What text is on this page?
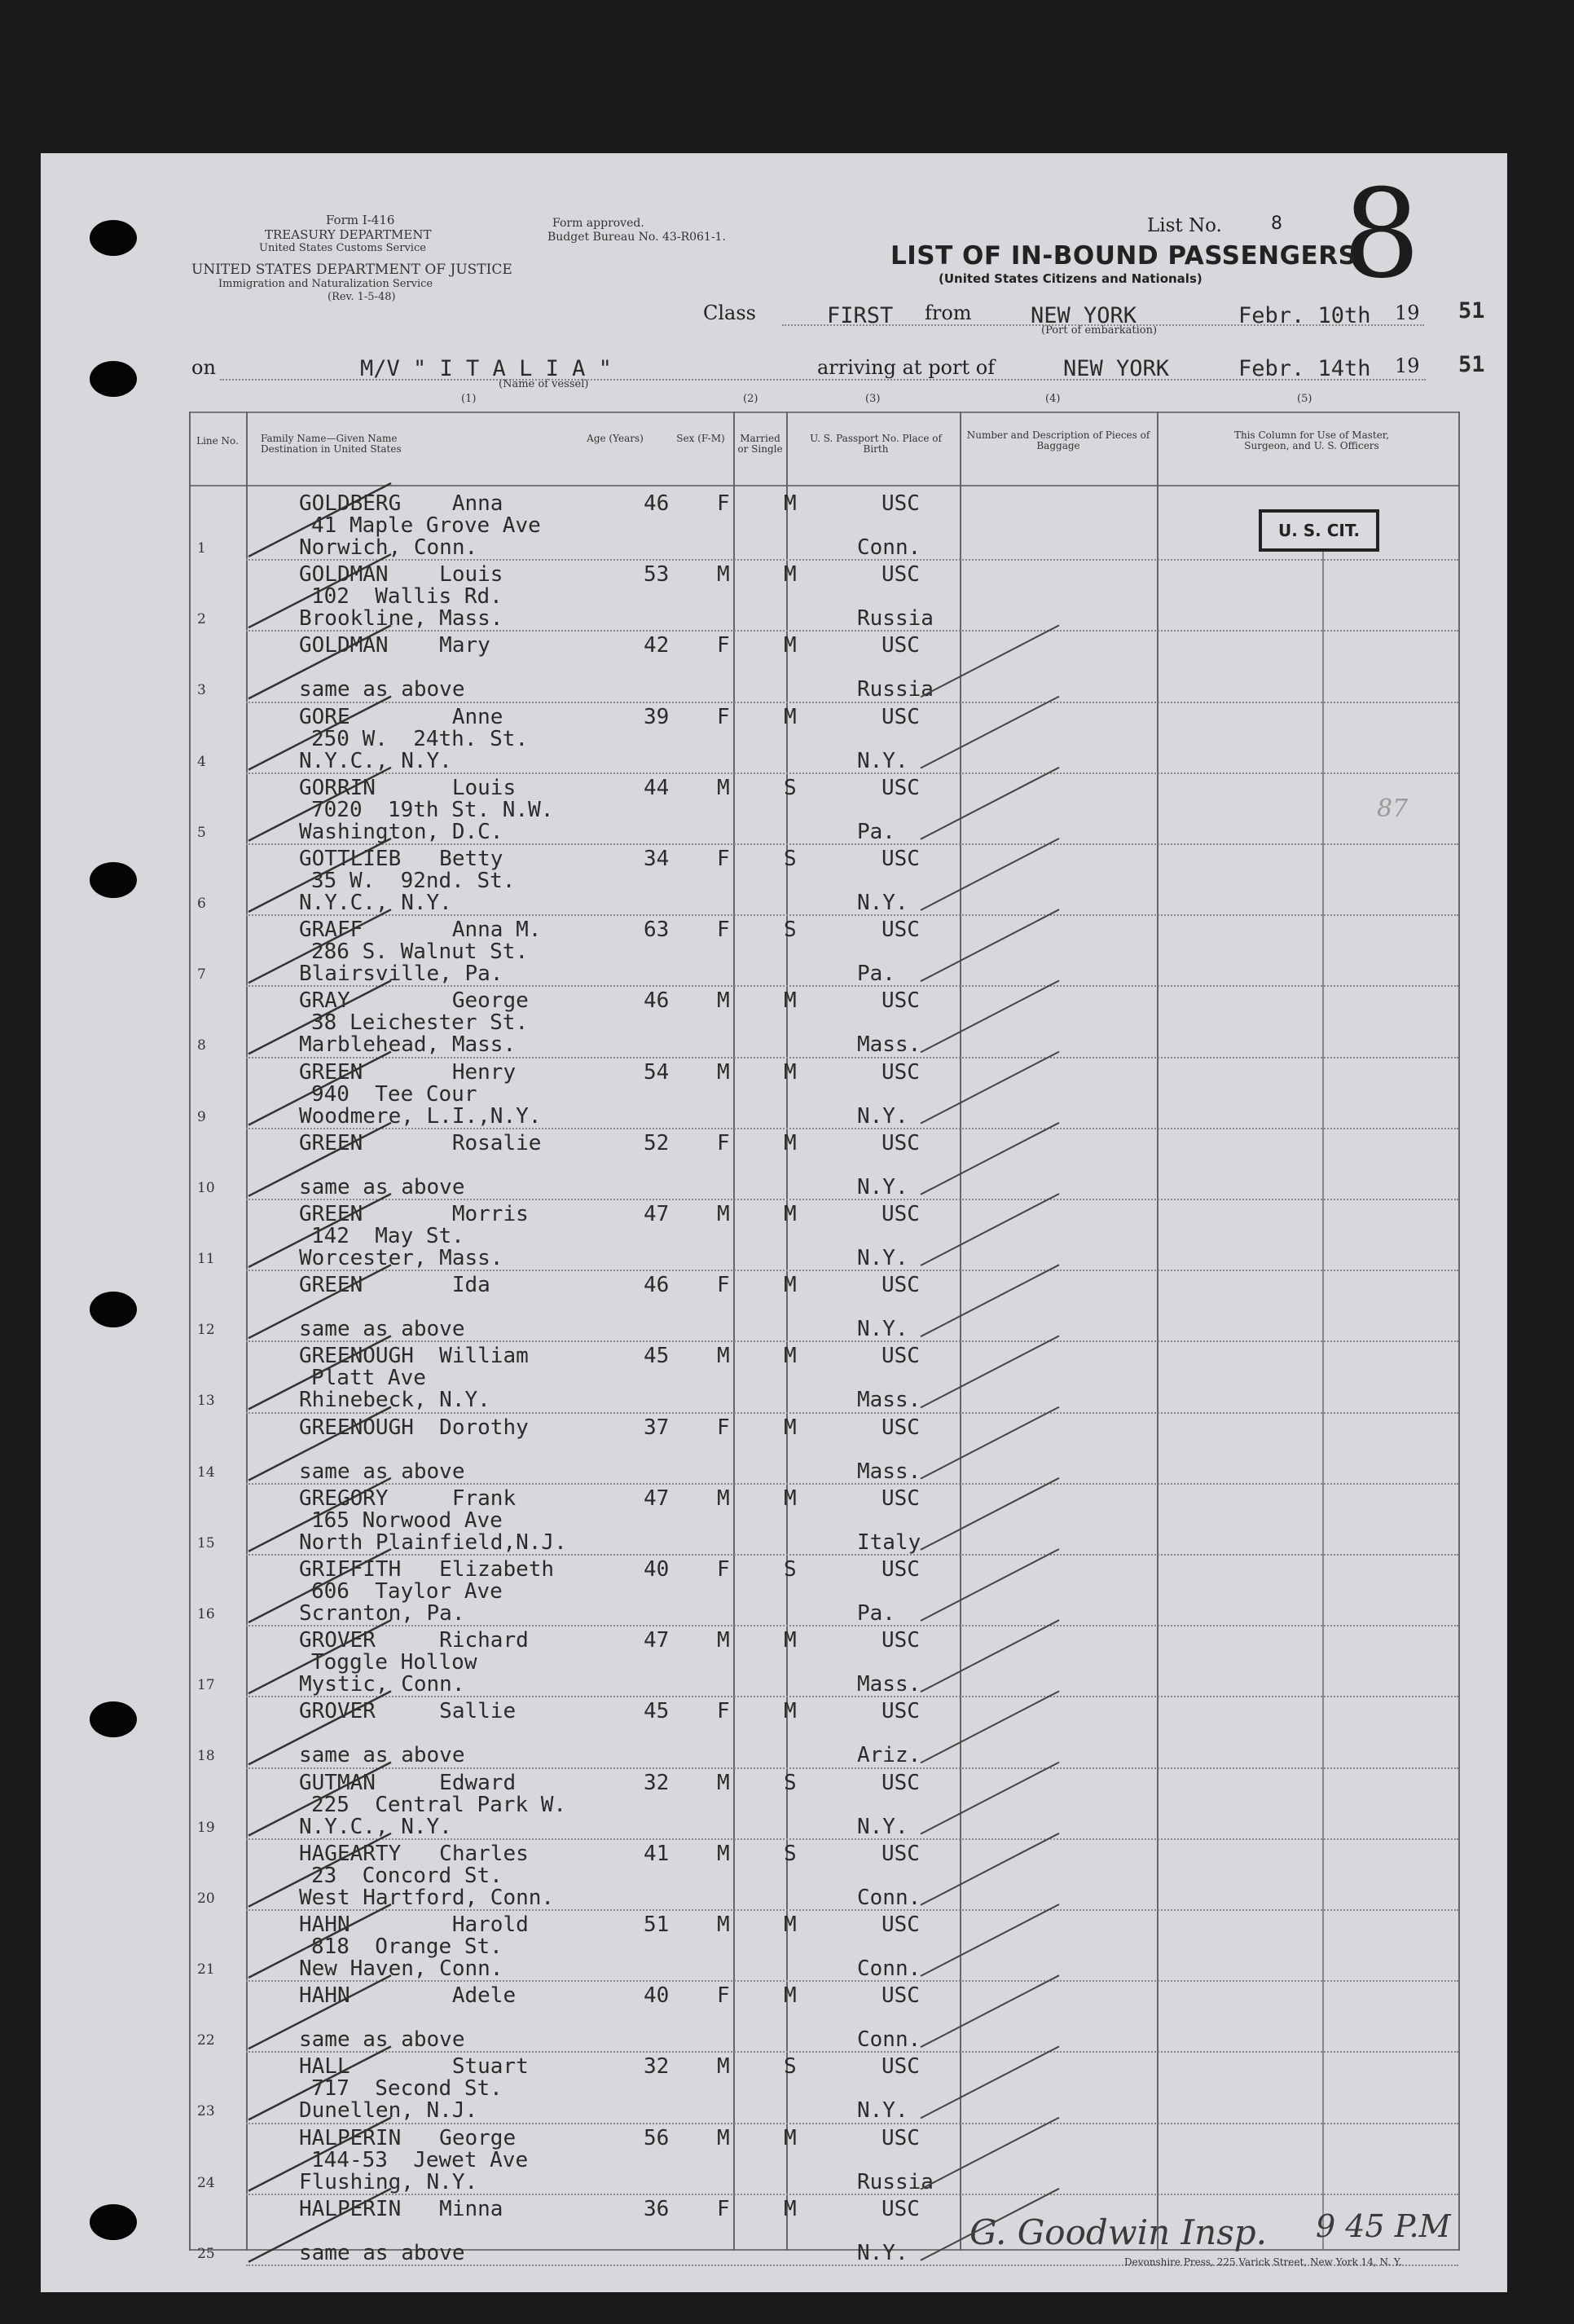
Form I-416
TREASURY DEPARTMENT
United States Customs Service
UNITED STATES DEPARTMENT OF JUSTICE
Immigration and Naturalization Service
(Rev. 1-5-48)
Form approved.
Budget Bureau No. 43-R061-1.
List No.	8 8
LIST OF IN-BOUND PASSENGERS
(United States Citizens and Nationals)
Class	FIRST from	NEW YORK
(Port of embarkation)
Febr. 10th 19 51
on	M/V " I T A L I A "
(Name of vessel)
arriving at port of	NEW YORK	Febr. 14th 19 51
(1)	(2)	(3)	(4)	(5)
Line No.	Family Name—Given Name
Destination in United States
Age (Years)	Sex (F-M) Married or Single
U. S. Passport No. Place of Birth
Number and Description of Pieces of Baggage
This Column for Use of Master, Surgeon, and U. S. Officers
1
GOLDBERG    Anna
41 Maple Grove Ave
Norwich, Conn.
46 F	M	USC
Conn.
2
GOLDMAN    Louis
102  Wallis Rd.
Brookline, Mass.
53 M	M	USC
Russia
3
GOLDMAN    Mary
same as above
42 F	M	USC
Russia
4
GORE        Anne
250 W.  24th. St.
N.Y.C., N.Y.
39 F	M	USC
N.Y.
5
GORRIN      Louis
7020  19th St. N.W.
Washington, D.C.
44 M	S	USC
Pa.
6
GOTTLIEB   Betty
35 W.  92nd. St.
N.Y.C., N.Y.
34 F	S	USC
N.Y.
7
GRAFF       Anna M.
286 S. Walnut St.
Blairsville, Pa.
63 F	S	USC
Pa.
8
GRAY        George
38 Leichester St.
Marblehead, Mass.
46 M	M	USC
Mass.
9
GREEN       Henry
940  Tee Cour
Woodmere, L.I.,N.Y.
54 M	M	USC
N.Y.
10
GREEN       Rosalie
same as above
52 F	M	USC
N.Y.
11
GREEN       Morris
142  May St.
Worcester, Mass.
47 M	M	USC
N.Y.
12
GREEN       Ida
same as above
46 F	M	USC
N.Y.
13
GREENOUGH  William
Platt Ave
Rhinebeck, N.Y.
45 M	M	USC
Mass.
14
GREENOUGH  Dorothy
same as above
37 F	M	USC
Mass.
15
GREGORY     Frank
165 Norwood Ave
North Plainfield,N.J.
47 M	M	USC
Italy
16
GRIFFITH   Elizabeth
606  Taylor Ave
Scranton, Pa.
40 F	S	USC
Pa.
17
GROVER     Richard
Toggle Hollow
Mystic, Conn.
47 M	M	USC
Mass.
18
GROVER     Sallie
same as above
45 F	M	USC
Ariz.
19
GUTMAN     Edward
225  Central Park W.
N.Y.C., N.Y.
32 M	S	USC
N.Y.
20
HAGEARTY   Charles
23  Concord St.
West Hartford, Conn.
41 M	S	USC
Conn.
21
HAHN        Harold
818  Orange St.
New Haven, Conn.
51 M	M	USC
Conn.
22
HAHN        Adele
same as above
40 F	M	USC
Conn.
23
HALL        Stuart
717  Second St.
Dunellen, N.J.
32 M	S	USC
N.Y.
24
HALPERIN   George
144-53  Jewet Ave
Flushing, N.Y.
56 M	M	USC
Russia
25
HALPERIN   Minna
same as above
36 F	M	USC
N.Y.
U. S. CIT.
87
Devonshire Press, 225 Varick Street, New York 14, N. Y.
G. Goodwin Insp. 9 45 P.M
